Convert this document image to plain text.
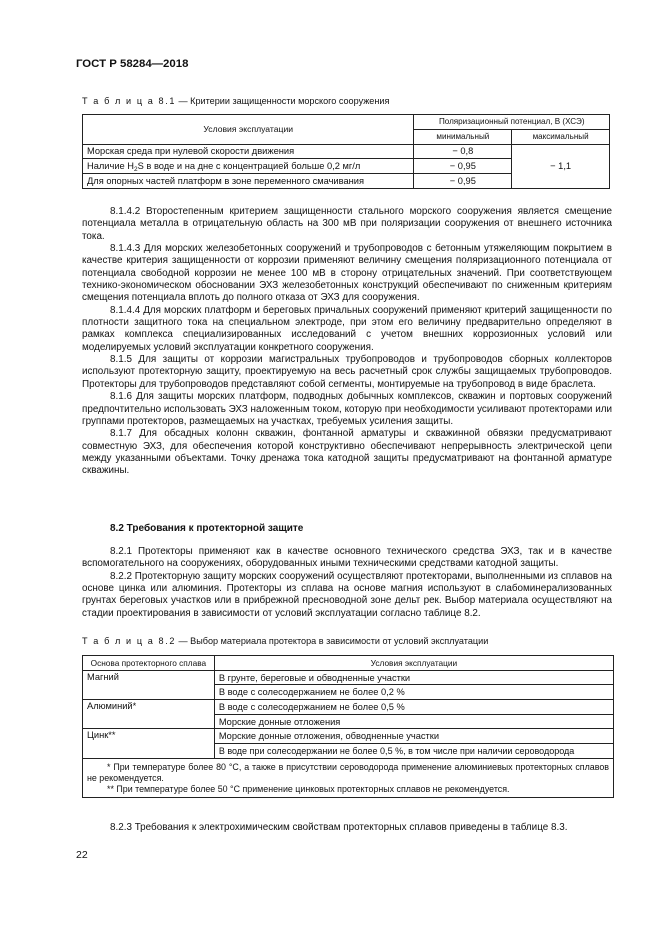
ГОСТ Р 58284—2018
Т а б л и ц а 8.1 — Критерии защищенности морского сооружения
Условия эксплуатации	Поляризационный потенциал, В (ХСЭ)	
	минимальный	максимальный
Морская среда при нулевой скорости движения	− 0,8	− 1,1
Наличие $H_2S$ в воде и на дне с концентрацией больше 0,2 мг/л	− 0,95	
Для опорных частей платформ в зоне переменного смачивания	− 0,95	

8.1.4.2 Второстепенным критерием защищенности стального морского сооружения является смещение потенциала металла в отрицательную область на 300 мВ при поляризации сооружения от внешнего источника тока.

8.1.4.3 Для морских железобетонных сооружений и трубопроводов с бетонным утяжеляющим покрытием в качестве критерия защищенности от коррозии применяют величину смещения поляризационного потенциала от потенциала свободной коррозии не менее 100 мВ в сторону отрицательных значений. При соответствующем технико-экономическом обосновании ЭХЗ железобетонных конструкций обеспечивают по сниженным критериям смещения потенциала вплоть до полного отказа от ЭХЗ для сооружения.

8.1.4.4 Для морских платформ и береговых причальных сооружений применяют критерий защищенности по плотности защитного тока на специальном электроде, при этом его величину предварительно определяют в рамках комплекса специализированных исследований с учетом внешних коррозионных условий или моделируемых условий эксплуатации конкретного сооружения.

8.1.5 Для защиты от коррозии магистральных трубопроводов и трубопроводов сборных коллекторов используют протекторную защиту, проектируемую на весь расчетный срок службы защищаемых трубопроводов. Протекторы для трубопроводов представляют собой сегменты, монтируемые на трубопровод в виде браслета.

8.1.6 Для защиты морских платформ, подводных добычных комплексов, скважин и портовых сооружений предпочтительно использовать ЭХЗ наложенным током, которую при необходимости усиливают протекторами или группами протекторов, размещаемых на участках, требуемых усиления защиты.

8.1.7 Для обсадных колонн скважин, фонтанной арматуры и скважинной обвязки предусматривают совместную ЭХЗ, для обеспечения которой конструктивно обеспечивают непрерывность электрической цепи между указанными объектами. Точку дренажа тока катодной защиты предусматривают на фонтанной арматуре скважины.

8.2 Требования к протекторной защите

8.2.1 Протекторы применяют как в качестве основного технического средства ЭХЗ, так и в качестве вспомогательного на сооружениях, оборудованных иными техническими средствами катодной защиты.

8.2.2 Протекторную защиту морских сооружений осуществляют протекторами, выполненными из сплавов на основе цинка или алюминия. Протекторы из сплава на основе магния используют в слабоминерализованных грунтах береговых участков или в прибрежной пресноводной зоне дельт рек. Выбор материала осуществляют на стадии проектирования в зависимости от условий эксплуатации согласно таблице 8.2.

Т а б л и ц а 8.2 — Выбор материала протектора в зависимости от условий эксплуатации
Основа протекторного сплава	Условия эксплуатации
Магний	В грунте, береговые и обводненные участки
	В воде с солесодержанием не более 0,2 %
Алюминий*	В воде с солесодержанием не более 0,5 %
	Морские донные отложения
Цинк**	Морские донные отложения, обводненные участки
	В воде при солесодержании не более 0,5 %, в том числе при наличии сероводорода

* При температуре более 80 °С, а также в присутствии сероводорода применение алюминиевых протекторных сплавов не рекомендуется.
** При температуре более 50 °С применение цинковых протекторных сплавов не рекомендуется.	

8.2.3 Требования к электрохимическим свойствам протекторных сплавов приведены в таблице 8.3.

22
